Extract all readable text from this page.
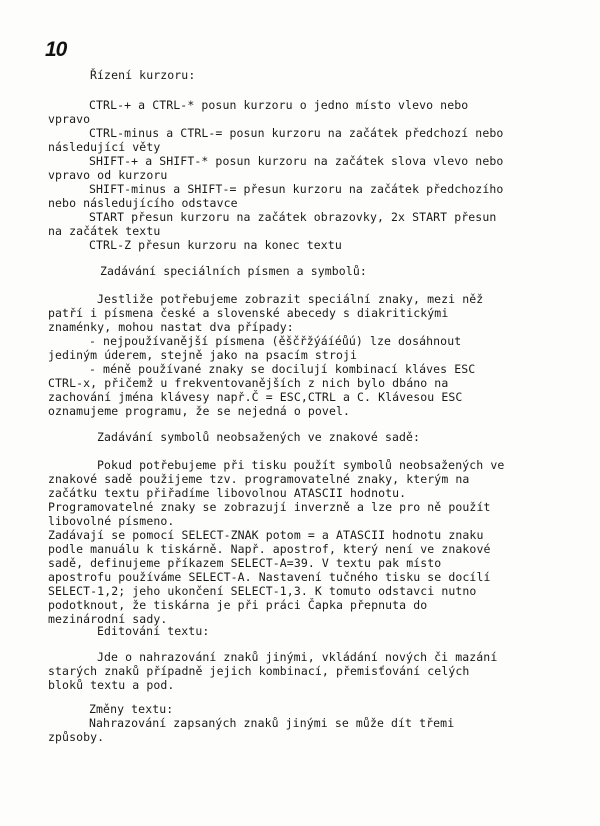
10

Řízení kurzoru:

CTRL-+ a CTRL-* posun kurzoru o jedno místo vlevo nebo

vpravo

CTRL-minus a CTRL-= posun kurzoru na začátek předchozí nebo

následující věty

SHIFT-+ a SHIFT-* posun kurzoru na začátek slova vlevo nebo

vpravo od kurzoru

SHIFT-minus a SHIFT-= přesun kurzoru na začátek předchozího

nebo následujícího odstavce

START přesun kurzoru na začátek obrazovky, 2x START přesun

na začátek textu

CTRL-Z přesun kurzoru na konec textu

Zadávání speciálních písmen a symbolů:

Jestliže potřebujeme zobrazit speciální znaky, mezi něž

patří i písmena české a slovenské abecedy s diakritickými

znaménky, mohou nastat dva případy:

- nejpoužívanější písmena (ěščřžýáíéůú) lze dosáhnout

jediným úderem, stejně jako na psacím stroji

- méně používané znaky se docilují kombinací kláves ESC

CTRL-x, přičemž u frekventovanějších z nich bylo dbáno na

zachování jména klávesy např.Č = ESC,CTRL a C. Klávesou ESC

oznamujeme programu, že se nejedná o povel.

Zadávání symbolů neobsažených ve znakové sadě:

Pokud potřebujeme při tisku použít symbolů neobsažených ve

znakové sadě použijeme tzv. programovatelné znaky, kterým na

začátku textu přiřadíme libovolnou ATASCII hodnotu.

Programovatelné znaky se zobrazují inverzně a lze pro ně použít

libovolné písmeno.

Zadávají se pomocí SELECT-ZNAK potom = a ATASCII hodnotu znaku

podle manuálu k tiskárně. Např. apostrof, který není ve znakové

sadě, definujeme příkazem SELECT-A=39. V textu pak místo

apostrofu používáme SELECT-A. Nastavení tučného tisku se docílí

SELECT-1,2; jeho ukončení SELECT-1,3. K tomuto odstavci nutno

podotknout, že tiskárna je při práci Čapka přepnuta do

mezinárodní sady.

Editování textu:

Jde o nahrazování znaků jinými, vkládání nových či mazání

starých znaků případně jejich kombinací, přemisťování celých

bloků textu a pod.

Změny textu:

Nahrazování zapsaných znaků jinými se může dít třemi

způsoby.
